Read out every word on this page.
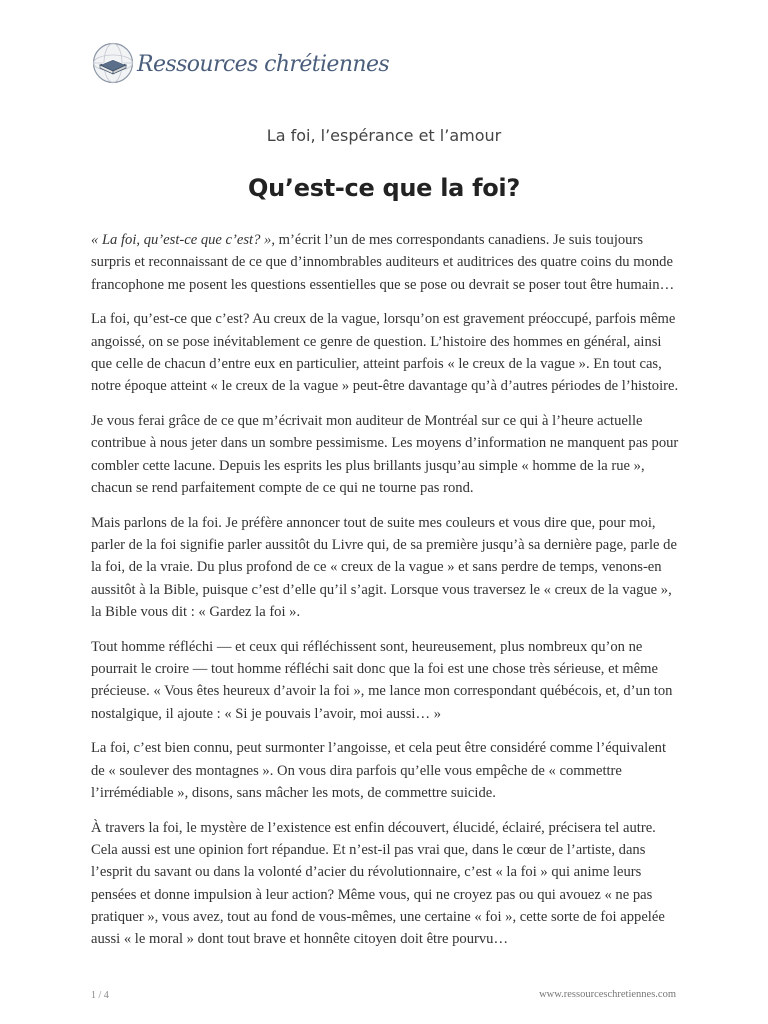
Ressources chrétiennes
La foi, l’espérance et l’amour
Qu’est-ce que la foi?

« La foi, qu’est-ce que c’est? », m’écrit l’un de mes correspondants canadiens. Je suis toujours surpris et reconnaissant de ce que d’innombrables auditeurs et auditrices des quatre coins du monde francophone me posent les questions essentielles que se pose ou devrait se poser tout être humain…

La foi, qu’est-ce que c’est? Au creux de la vague, lorsqu’on est gravement préoccupé, parfois même angoissé, on se pose inévitablement ce genre de question. L’histoire des hommes en général, ainsi que celle de chacun d’entre eux en particulier, atteint parfois « le creux de la vague ». En tout cas, notre époque atteint « le creux de la vague » peut-être davantage qu’à d’autres périodes de l’histoire.

Je vous ferai grâce de ce que m’écrivait mon auditeur de Montréal sur ce qui à l’heure actuelle contribue à nous jeter dans un sombre pessimisme. Les moyens d’information ne manquent pas pour combler cette lacune. Depuis les esprits les plus brillants jusqu’au simple « homme de la rue », chacun se rend parfaitement compte de ce qui ne tourne pas rond.

Mais parlons de la foi. Je préfère annoncer tout de suite mes couleurs et vous dire que, pour moi, parler de la foi signifie parler aussitôt du Livre qui, de sa première jusqu’à sa dernière page, parle de la foi, de la vraie. Du plus profond de ce « creux de la vague » et sans perdre de temps, venons-en aussitôt à la Bible, puisque c’est d’elle qu’il s’agit. Lorsque vous traversez le « creux de la vague », la Bible vous dit : « Gardez la foi ».

Tout homme réfléchi — et ceux qui réfléchissent sont, heureusement, plus nombreux qu’on ne pourrait le croire — tout homme réfléchi sait donc que la foi est une chose très sérieuse, et même précieuse. « Vous êtes heureux d’avoir la foi », me lance mon correspondant québécois, et, d’un ton nostalgique, il ajoute : « Si je pouvais l’avoir, moi aussi… »

La foi, c’est bien connu, peut surmonter l’angoisse, et cela peut être considéré comme l’équivalent de « soulever des montagnes ». On vous dira parfois qu’elle vous empêche de « commettre l’irrémédiable », disons, sans mâcher les mots, de commettre suicide.

À travers la foi, le mystère de l’existence est enfin découvert, élucidé, éclairé, précisera tel autre. Cela aussi est une opinion fort répandue. Et n’est-il pas vrai que, dans le cœur de l’artiste, dans l’esprit du savant ou dans la volonté d’acier du révolutionnaire, c’est « la foi » qui anime leurs pensées et donne impulsion à leur action? Même vous, qui ne croyez pas ou qui avouez « ne pas pratiquer », vous avez, tout au fond de vous-mêmes, une certaine « foi », cette sorte de foi appelée aussi « le moral » dont tout brave et honnête citoyen doit être pourvu…

1 / 4	www.ressourceschretiennes.com
